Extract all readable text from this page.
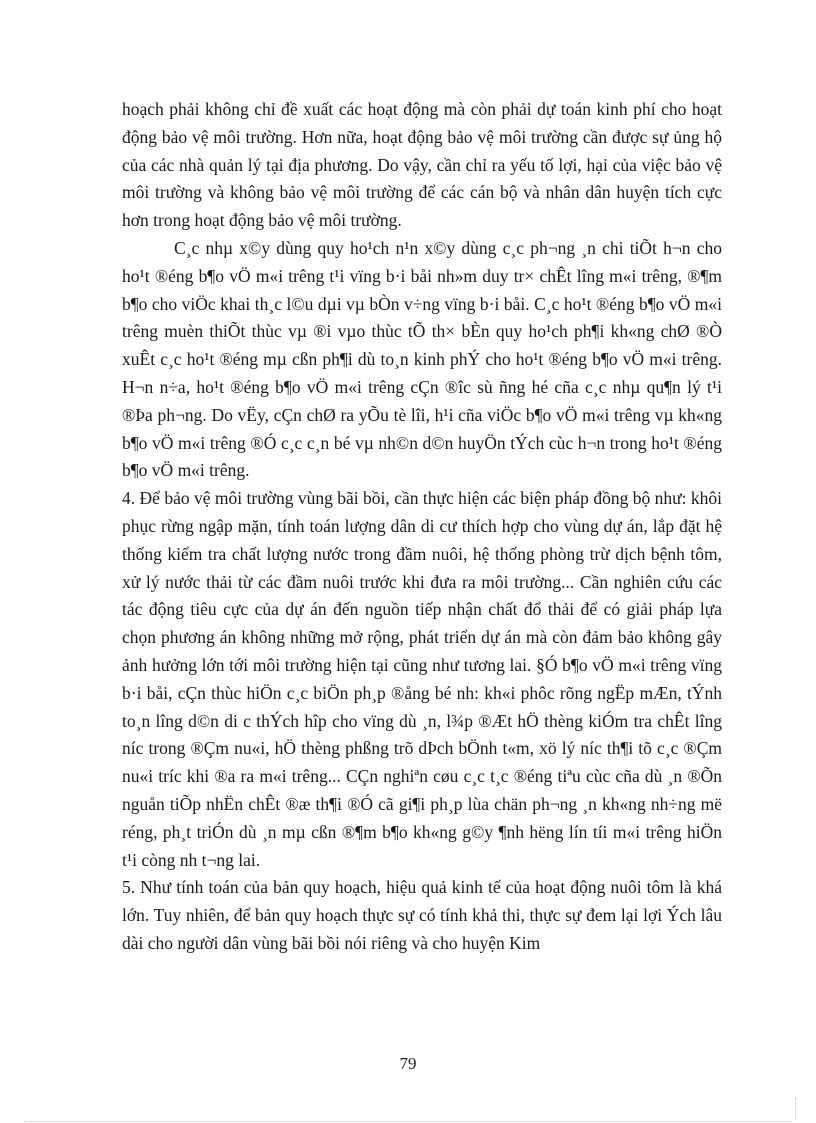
hoạch phải không chỉ đề xuất các hoạt động mà còn phải dự toán kinh phí cho hoạt động bảo vệ môi trường. Hơn nữa, hoạt động bảo vệ môi trường cần được sự ủng hộ của các nhà quản lý tại địa phương. Do vậy, cần chỉ ra yếu tố lợi, hại của việc bảo vệ môi trường và không bảo vệ môi trường để các cán bộ và nhân dân huyện tích cực hơn trong hoạt động bảo vệ môi trường.

C¸c nhµ x©y dùng quy ho¹ch n¹n x©y dùng c¸c ph¬ng ¸n chi tiÕt h¬n cho ho¹t ®éng b¶o vÖ m«i trêng t¹i vïng b·i båi nh»m duy tr× chÊt lîng m«i trêng, ®¶m b¶o cho viÖc khai th¸c l©u dµi vµ bÒn v÷ng vïng b·i båi. C¸c ho¹t ®éng b¶o vÖ m«i trêng muèn thiÕt thùc vµ ®i vµo thùc tÕ th× bÈn quy ho¹ch ph¶i kh«ng chØ ®Ò xuÊt c¸c ho¹t ®éng mµ cßn ph¶i dù to¸n kinh phÝ cho ho¹t ®éng b¶o vÖ m«i trêng. H¬n n÷a, ho¹t ®éng b¶o vÖ m«i trêng cÇn ®îc sù ñng hé cña c¸c nhµ qu¶n lý t¹i ®Þa ph¬ng. Do vËy, cÇn chØ ra yÕu tè lîi, h¹i cña viÖc b¶o vÖ m«i trêng vµ kh«ng b¶o vÖ m«i trêng ®Ó c¸c c¸n bé vµ nh©n d©n huyÖn tÝch cùc h¬n trong ho¹t ®éng b¶o vÖ m«i trêng.

4. Để bảo vệ môi trường vùng bãi bồi, cần thực hiện các biện pháp đồng bộ như: khôi phục rừng ngập mặn, tính toán lượng dân di cư thích hợp cho vùng dự án, lắp đặt hệ thống kiểm tra chất lượng nước trong đầm nuôi, hệ thống phòng trừ dịch bệnh tôm, xử lý nước thải từ các đầm nuôi trước khi đưa ra môi trường... Cần nghiên cứu các tác động tiêu cực của dự án đến nguồn tiếp nhận chất đổ thải để có giải pháp lựa chọn phương án không những mở rộng, phát triển dự án mà còn đảm bảo không gây ảnh hưởng lớn tới môi trường hiện tại cũng như tương lai. §Ó b¶o vÖ m«i trêng vïng b·i båi, cÇn thùc hiÖn c¸c biÖn ph¸p ®ång bé nh: kh«i phôc rõng ngËp mÆn, tÝnh to¸n lîng d©n di c thÝch hîp cho vïng dù ¸n, l¾p ®Æt hÖ thèng kiÓm tra chÊt lîng níc trong ®Çm nu«i, hÖ thèng phßng trõ dÞch bÖnh t«m, xö lý níc th¶i tõ c¸c ®Çm nu«i tríc khi ®a ra m«i trêng... CÇn nghiªn cøu c¸c t¸c ®éng tiªu cùc cña dù ¸n ®Õn nguån tiÕp nhËn chÊt ®æ th¶i ®Ó cã gi¶i ph¸p lùa chän ph¬ng ¸n kh«ng nh÷ng më réng, ph¸t triÓn dù ¸n mµ cßn ®¶m b¶o kh«ng g©y ¶nh hëng lín tíi m«i trêng hiÖn t¹i còng nh t¬ng lai.

5. Như tính toán của bản quy hoạch, hiệu quả kinh tế của hoạt động nuôi tôm là khá lớn. Tuy nhiên, để bản quy hoạch thực sự có tính khả thi, thực sự đem lại lợi Ých lâu dài cho người dân vùng bãi bồi nói riêng và cho huyện Kim

79
